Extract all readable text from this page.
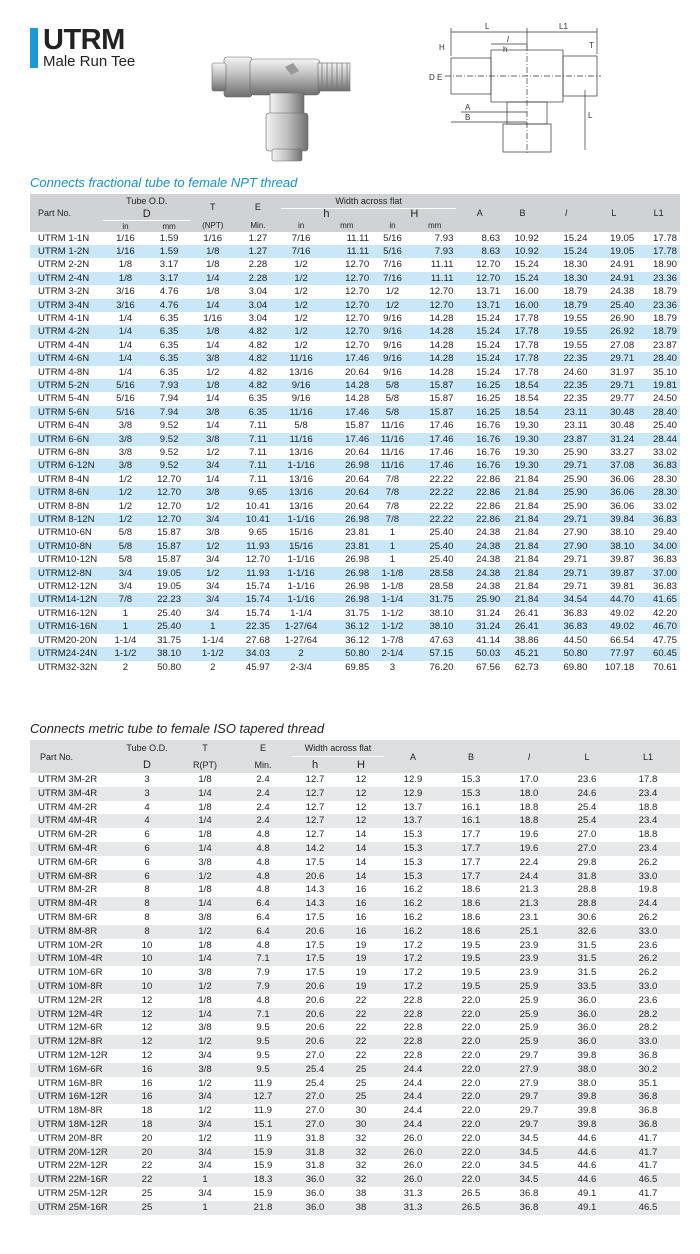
UTRM
Male Run Tee
L	L1
l
h
H	T
D E
A
B	L
Connects fractional tube to female NPT thread
Part No.	Tube O.D.		T	E	Width across flat				A	B	l	L	L1
	D				h		H						
	in	mm	(NPT)	Min.	in	mm	in	mm					
UTRM 1-1N	1/16	1.59	1/16	1.27	7/16	11.11	5/16	7.93	8.63	10.92	15.24	19.05	17.78
UTRM 1-2N	1/16	1.59	1/8	1.27	7/16	11.11	5/16	7.93	8.63	10.92	15.24	19.05	17.78
UTRM 2-2N	1/8	3.17	1/8	2.28	1/2	12.70	7/16	11.11	12.70	15.24	18.30	24.91	18.90
UTRM 2-4N	1/8	3.17	1/4	2.28	1/2	12.70	7/16	11.11	12.70	15.24	18.30	24.91	23.36
UTRM 3-2N	3/16	4.76	1/8	3.04	1/2	12.70	1/2	12.70	13.71	16.00	18.79	24.38	18.79
UTRM 3-4N	3/16	4.76	1/4	3.04	1/2	12.70	1/2	12.70	13.71	16.00	18.79	25.40	23.36
UTRM 4-1N	1/4	6.35	1/16	3.04	1/2	12.70	9/16	14.28	15.24	17.78	19.55	26.90	18.79
UTRM 4-2N	1/4	6.35	1/8	4.82	1/2	12.70	9/16	14.28	15.24	17.78	19.55	26.92	18.79
UTRM 4-4N	1/4	6.35	1/4	4.82	1/2	12.70	9/16	14.28	15.24	17.78	19.55	27.08	23.87
UTRM 4-6N	1/4	6.35	3/8	4.82	11/16	17.46	9/16	14.28	15.24	17.78	22.35	29.71	28.40
UTRM 4-8N	1/4	6.35	1/2	4.82	13/16	20.64	9/16	14.28	15.24	17.78	24.60	31.97	35.10
UTRM 5-2N	5/16	7.93	1/8	4.82	9/16	14.28	5/8	15.87	16.25	18.54	22.35	29.71	19.81
UTRM 5-4N	5/16	7.94	1/4	6.35	9/16	14.28	5/8	15.87	16.25	18.54	22.35	29.77	24.50
UTRM 5-6N	5/16	7.94	3/8	6.35	11/16	17.46	5/8	15.87	16.25	18.54	23.11	30.48	28.40
UTRM 6-4N	3/8	9.52	1/4	7.11	5/8	15.87	11/16	17.46	16.76	19.30	23.11	30.48	25.40
UTRM 6-6N	3/8	9.52	3/8	7.11	11/16	17.46	11/16	17.46	16.76	19.30	23.87	31.24	28.44
UTRM 6-8N	3/8	9.52	1/2	7.11	13/16	20.64	11/16	17.46	16.76	19.30	25.90	33.27	33.02
UTRM 6-12N	3/8	9.52	3/4	7.11	1-1/16	26.98	11/16	17.46	16.76	19.30	29.71	37.08	36.83
UTRM 8-4N	1/2	12.70	1/4	7.11	13/16	20.64	7/8	22.22	22.86	21.84	25.90	36.06	28.30
UTRM 8-6N	1/2	12.70	3/8	9.65	13/16	20.64	7/8	22.22	22.86	21.84	25.90	36.06	28.30
UTRM 8-8N	1/2	12.70	1/2	10.41	13/16	20.64	7/8	22.22	22.86	21.84	25.90	36.06	33.02
UTRM 8-12N	1/2	12.70	3/4	10.41	1-1/16	26.98	7/8	22.22	22.86	21.84	29.71	39.84	36.83
UTRM10-6N	5/8	15.87	3/8	9.65	15/16	23.81	1	25.40	24.38	21.84	27.90	38.10	29.40
UTRM10-8N	5/8	15.87	1/2	11.93	15/16	23.81	1	25.40	24.38	21.84	27.90	38.10	34.00
UTRM10-12N	5/8	15.87	3/4	12.70	1-1/16	26.98	1	25.40	24.38	21.84	29.71	39.87	36.83
UTRM12-8N	3/4	19.05	1/2	11.93	1-1/16	26.98	1-1/8	28.58	24.38	21.84	29.71	39.87	37.00
UTRM12-12N	3/4	19.05	3/4	15.74	1-1/16	26.98	1-1/8	28.58	24.38	21.84	29.71	39.81	36.83
UTRM14-12N	7/8	22.23	3/4	15.74	1-1/16	26.98	1-1/4	31.75	25.90	21.84	34.54	44.70	41.65
UTRM16-12N	1	25.40	3/4	15.74	1-1/4	31.75	1-1/2	38.10	31.24	26.41	36.83	49.02	42.20
UTRM16-16N	1	25.40	1	22.35	1-27/64	36.12	1-1/2	38.10	31.24	26.41	36.83	49.02	46.70
UTRM20-20N	1-1/4	31.75	1-1/4	27.68	1-27/64	36.12	1-7/8	47.63	41.14	38.86	44.50	66.54	47.75
UTRM24-24N	1-1/2	38.10	1-1/2	34.03	2	50.80	2-1/4	57.15	50.03	45.21	50.80	77.97	60.45
UTRM32-32N	2	50.80	2	45.97	2-3/4	69.85	3	76.20	67.56	62.73	69.80	107.18	70.61
Connects metric tube to female ISO tapered thread
Part No.	Tube O.D.	T	E	Width across flat		A	B	l	L	L1
	D	R(PT)	Min.	h	H					
UTRM 3M-2R	3	1/8	2.4	12.7	12	12.9	15.3	17.0	23.6	17.8
UTRM 3M-4R	3	1/4	2.4	12.7	12	12.9	15.3	18.0	24.6	23.4
UTRM 4M-2R	4	1/8	2.4	12.7	12	13.7	16.1	18.8	25.4	18.8
UTRM 4M-4R	4	1/4	2.4	12.7	12	13.7	16.1	18.8	25.4	23.4
UTRM 6M-2R	6	1/8	4.8	12.7	14	15.3	17.7	19.6	27.0	18.8
UTRM 6M-4R	6	1/4	4.8	14.2	14	15.3	17.7	19.6	27.0	23.4
UTRM 6M-6R	6	3/8	4.8	17.5	14	15.3	17.7	22.4	29.8	26.2
UTRM 6M-8R	6	1/2	4.8	20.6	14	15.3	17.7	24.4	31.8	33.0
UTRM 8M-2R	8	1/8	4.8	14.3	16	16.2	18.6	21.3	28.8	19.8
UTRM 8M-4R	8	1/4	6.4	14.3	16	16.2	18.6	21.3	28.8	24.4
UTRM 8M-6R	8	3/8	6.4	17.5	16	16.2	18.6	23.1	30.6	26.2
UTRM 8M-8R	8	1/2	6.4	20.6	16	16.2	18.6	25.1	32.6	33.0
UTRM 10M-2R	10	1/8	4.8	17.5	19	17.2	19.5	23.9	31.5	23.6
UTRM 10M-4R	10	1/4	7.1	17.5	19	17.2	19.5	23.9	31.5	26.2
UTRM 10M-6R	10	3/8	7.9	17.5	19	17.2	19.5	23.9	31.5	26.2
UTRM 10M-8R	10	1/2	7.9	20.6	19	17.2	19.5	25.9	33.5	33.0
UTRM 12M-2R	12	1/8	4.8	20.6	22	22.8	22.0	25.9	36.0	23.6
UTRM 12M-4R	12	1/4	7.1	20.6	22	22.8	22.0	25.9	36.0	28.2
UTRM 12M-6R	12	3/8	9.5	20.6	22	22.8	22.0	25.9	36.0	28.2
UTRM 12M-8R	12	1/2	9.5	20.6	22	22.8	22.0	25.9	36.0	33.0
UTRM 12M-12R	12	3/4	9.5	27.0	22	22.8	22.0	29.7	39.8	36.8
UTRM 16M-6R	16	3/8	9.5	25.4	25	24.4	22.0	27.9	38.0	30.2
UTRM 16M-8R	16	1/2	11.9	25.4	25	24.4	22.0	27.9	38.0	35.1
UTRM 16M-12R	16	3/4	12.7	27.0	25	24.4	22.0	29.7	39.8	36.8
UTRM 18M-8R	18	1/2	11.9	27.0	30	24.4	22.0	29.7	39.8	36.8
UTRM 18M-12R	18	3/4	15.1	27.0	30	24.4	22.0	29.7	39.8	36.8
UTRM 20M-8R	20	1/2	11.9	31.8	32	26.0	22.0	34.5	44.6	41.7
UTRM 20M-12R	20	3/4	15.9	31.8	32	26.0	22.0	34.5	44.6	41.7
UTRM 22M-12R	22	3/4	15.9	31.8	32	26.0	22.0	34.5	44.6	41.7
UTRM 22M-16R	22	1	18.3	36.0	32	26.0	22.0	34.5	44.6	46.5
UTRM 25M-12R	25	3/4	15.9	36.0	38	31.3	26.5	36.8	49.1	41.7
UTRM 25M-16R	25	1	21.8	36.0	38	31.3	26.5	36.8	49.1	46.5
